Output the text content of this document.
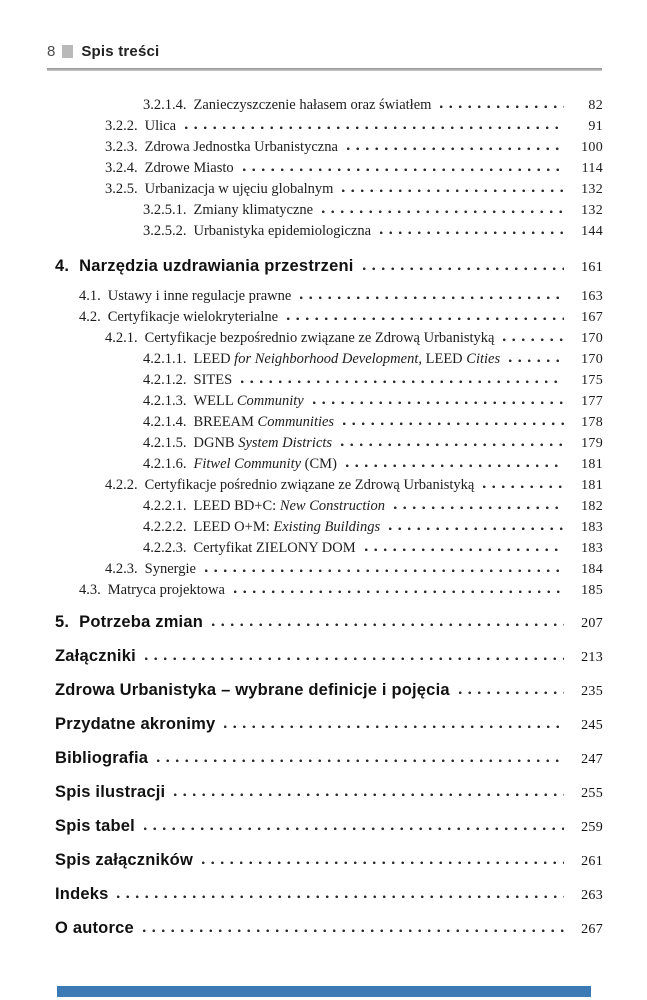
8 Spis treści
3.2.1.4. Zanieczyszczenie hałasem oraz światłem	82
3.2.2. Ulica	91
3.2.3. Zdrowa Jednostka Urbanistyczna	100
3.2.4. Zdrowe Miasto	114
3.2.5. Urbanizacja w ujęciu globalnym	132
3.2.5.1. Zmiany klimatyczne	132
3.2.5.2. Urbanistyka epidemiologiczna	144
4. Narzędzia uzdrawiania przestrzeni	161
4.1. Ustawy i inne regulacje prawne	163
4.2. Certyfikacje wielokryterialne	167
4.2.1. Certyfikacje bezpośrednio związane ze Zdrową Urbanistyką	170
4.2.1.1. LEED for Neighborhood Development, LEED Cities	170
4.2.1.2. SITES	175
4.2.1.3. WELL Community	177
4.2.1.4. BREEAM Communities	178
4.2.1.5. DGNB System Districts	179
4.2.1.6. Fitwel Community (CM)	181
4.2.2. Certyfikacje pośrednio związane ze Zdrową Urbanistyką	181
4.2.2.1. LEED BD+C: New Construction	182
4.2.2.2. LEED O+M: Existing Buildings	183
4.2.2.3. Certyfikat ZIELONY DOM	183
4.2.3. Synergie	184
4.3. Matryca projektowa	185
5. Potrzeba zmian	207
Załączniki	213
Zdrowa Urbanistyka – wybrane definicje i pojęcia	235
Przydatne akronimy	245
Bibliografia	247
Spis ilustracji	255
Spis tabel	259
Spis załączników	261
Indeks	263
O autorce	267
